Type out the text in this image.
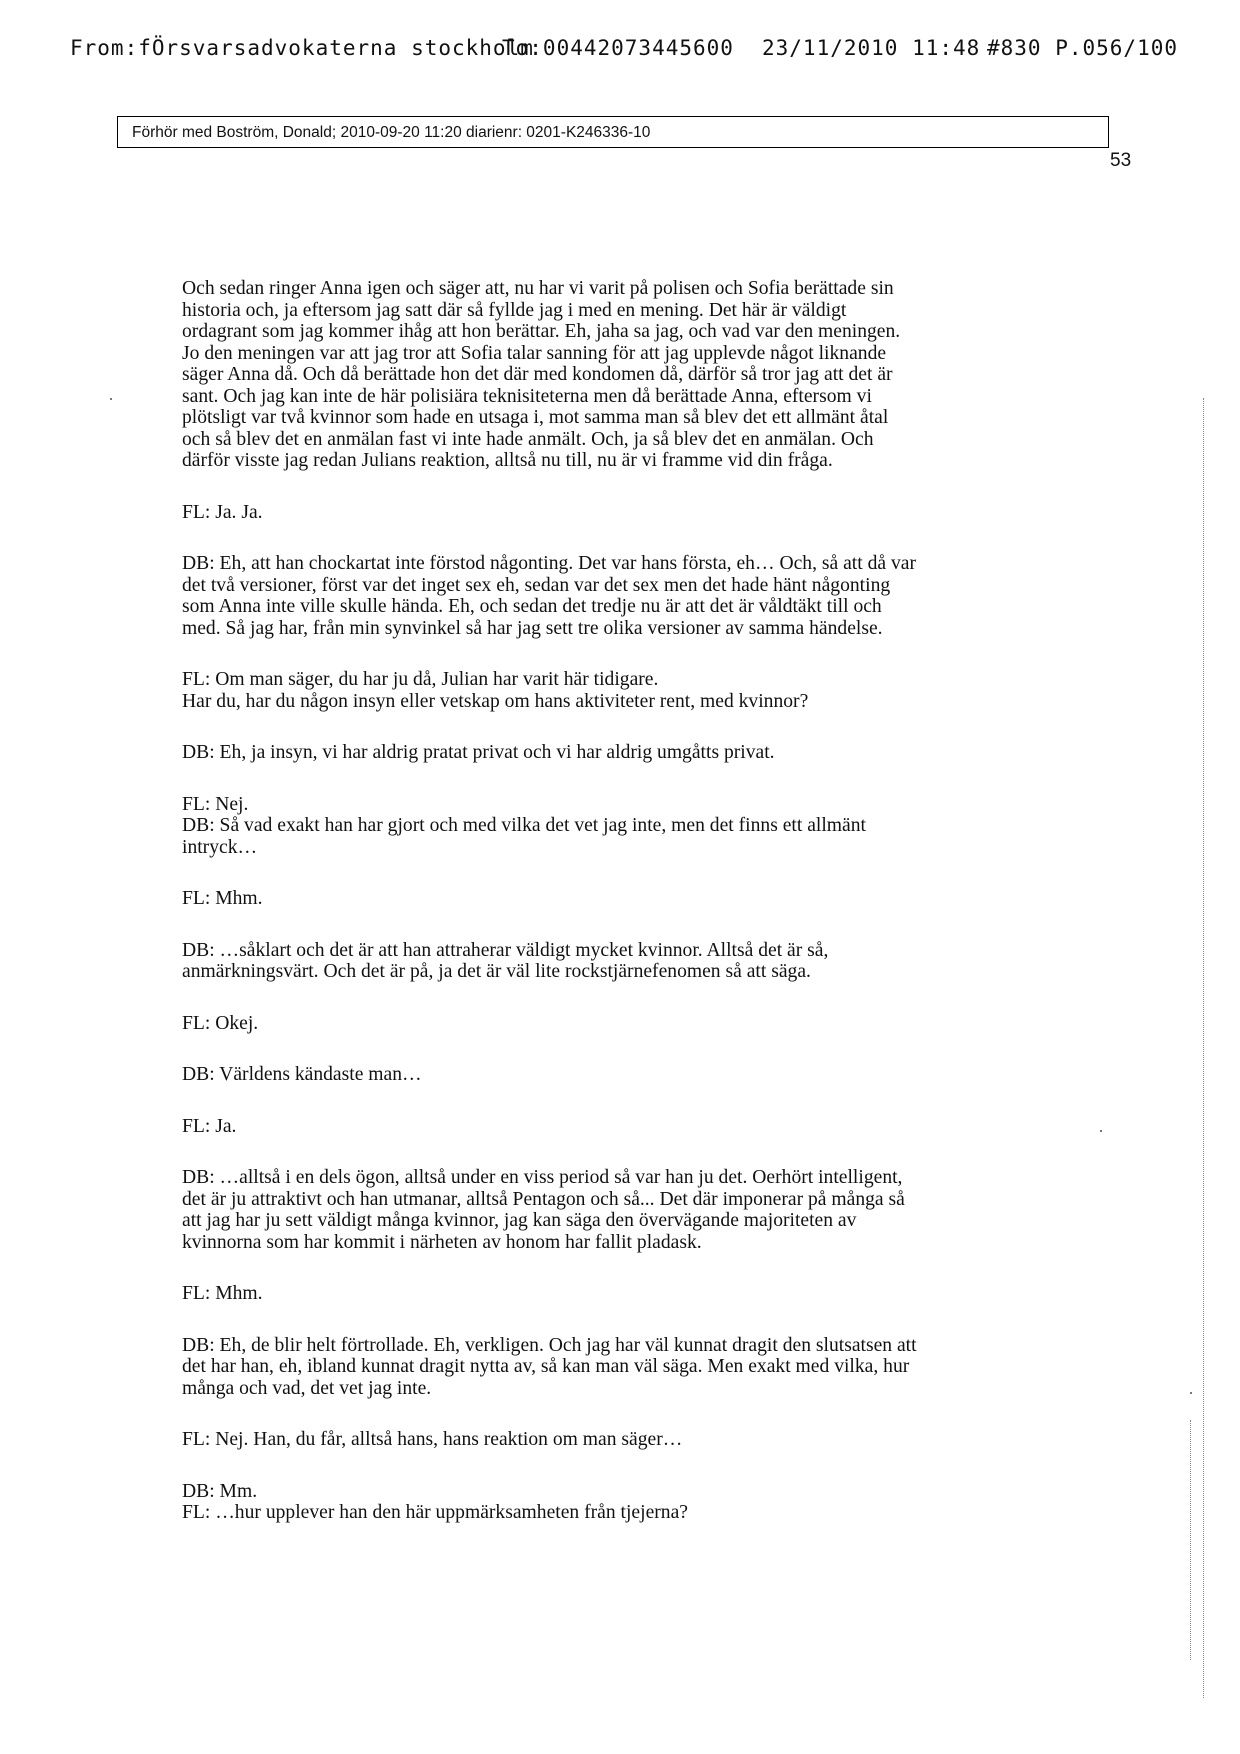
From:fÖrsvarsadvokaterna stockholm
To:00442073445600 23/11/2010 11:48 #830 P.056/100
Förhör med Boström, Donald; 2010-09-20 11:20 diarienr: 0201-K246336-10
53

Och sedan ringer Anna igen och säger att, nu har vi varit på polisen och Sofia berättade sin
historia och, ja eftersom jag satt där så fyllde jag i med en mening. Det här är väldigt
ordagrant som jag kommer ihåg att hon berättar. Eh, jaha sa jag, och vad var den meningen.
Jo den meningen var att jag tror att Sofia talar sanning för att jag upplevde något liknande
säger Anna då. Och då berättade hon det där med kondomen då, därför så tror jag att det är
sant. Och jag kan inte de här polisiära teknisiteterna men då berättade Anna, eftersom vi
plötsligt var två kvinnor som hade en utsaga i, mot samma man så blev det ett allmänt åtal
och så blev det en anmälan fast vi inte hade anmält. Och, ja så blev det en anmälan. Och
därför visste jag redan Julians reaktion, alltså nu till, nu är vi framme vid din fråga.

FL: Ja. Ja.

DB: Eh, att han chockartat inte förstod någonting. Det var hans första, eh… Och, så att då var
det två versioner, först var det inget sex eh, sedan var det sex men det hade hänt någonting
som Anna inte ville skulle hända. Eh, och sedan det tredje nu är att det är våldtäkt till och
med. Så jag har, från min synvinkel så har jag sett tre olika versioner av samma händelse.

FL: Om man säger, du har ju då, Julian har varit här tidigare.
Har du, har du någon insyn eller vetskap om hans aktiviteter rent, med kvinnor?

DB: Eh, ja insyn, vi har aldrig pratat privat och vi har aldrig umgåtts privat.

FL: Nej.
DB: Så vad exakt han har gjort och med vilka det vet jag inte, men det finns ett allmänt
intryck…

FL: Mhm.

DB: …såklart och det är att han attraherar väldigt mycket kvinnor. Alltså det är så,
anmärkningsvärt. Och det är på, ja det är väl lite rockstjärnefenomen så att säga.

FL: Okej.

DB: Världens kändaste man…

FL: Ja.

DB: …alltså i en dels ögon, alltså under en viss period så var han ju det. Oerhört intelligent,
det är ju attraktivt och han utmanar, alltså Pentagon och så... Det där imponerar på många så
att jag har ju sett väldigt många kvinnor, jag kan säga den övervägande majoriteten av
kvinnorna som har kommit i närheten av honom har fallit pladask.

FL: Mhm.

DB: Eh, de blir helt förtrollade. Eh, verkligen. Och jag har väl kunnat dragit den slutsatsen att
det har han, eh, ibland kunnat dragit nytta av, så kan man väl säga. Men exakt med vilka, hur
många och vad, det vet jag inte.

FL: Nej. Han, du får, alltså hans, hans reaktion om man säger…

DB: Mm.
FL: …hur upplever han den här uppmärksamheten från tjejerna?
